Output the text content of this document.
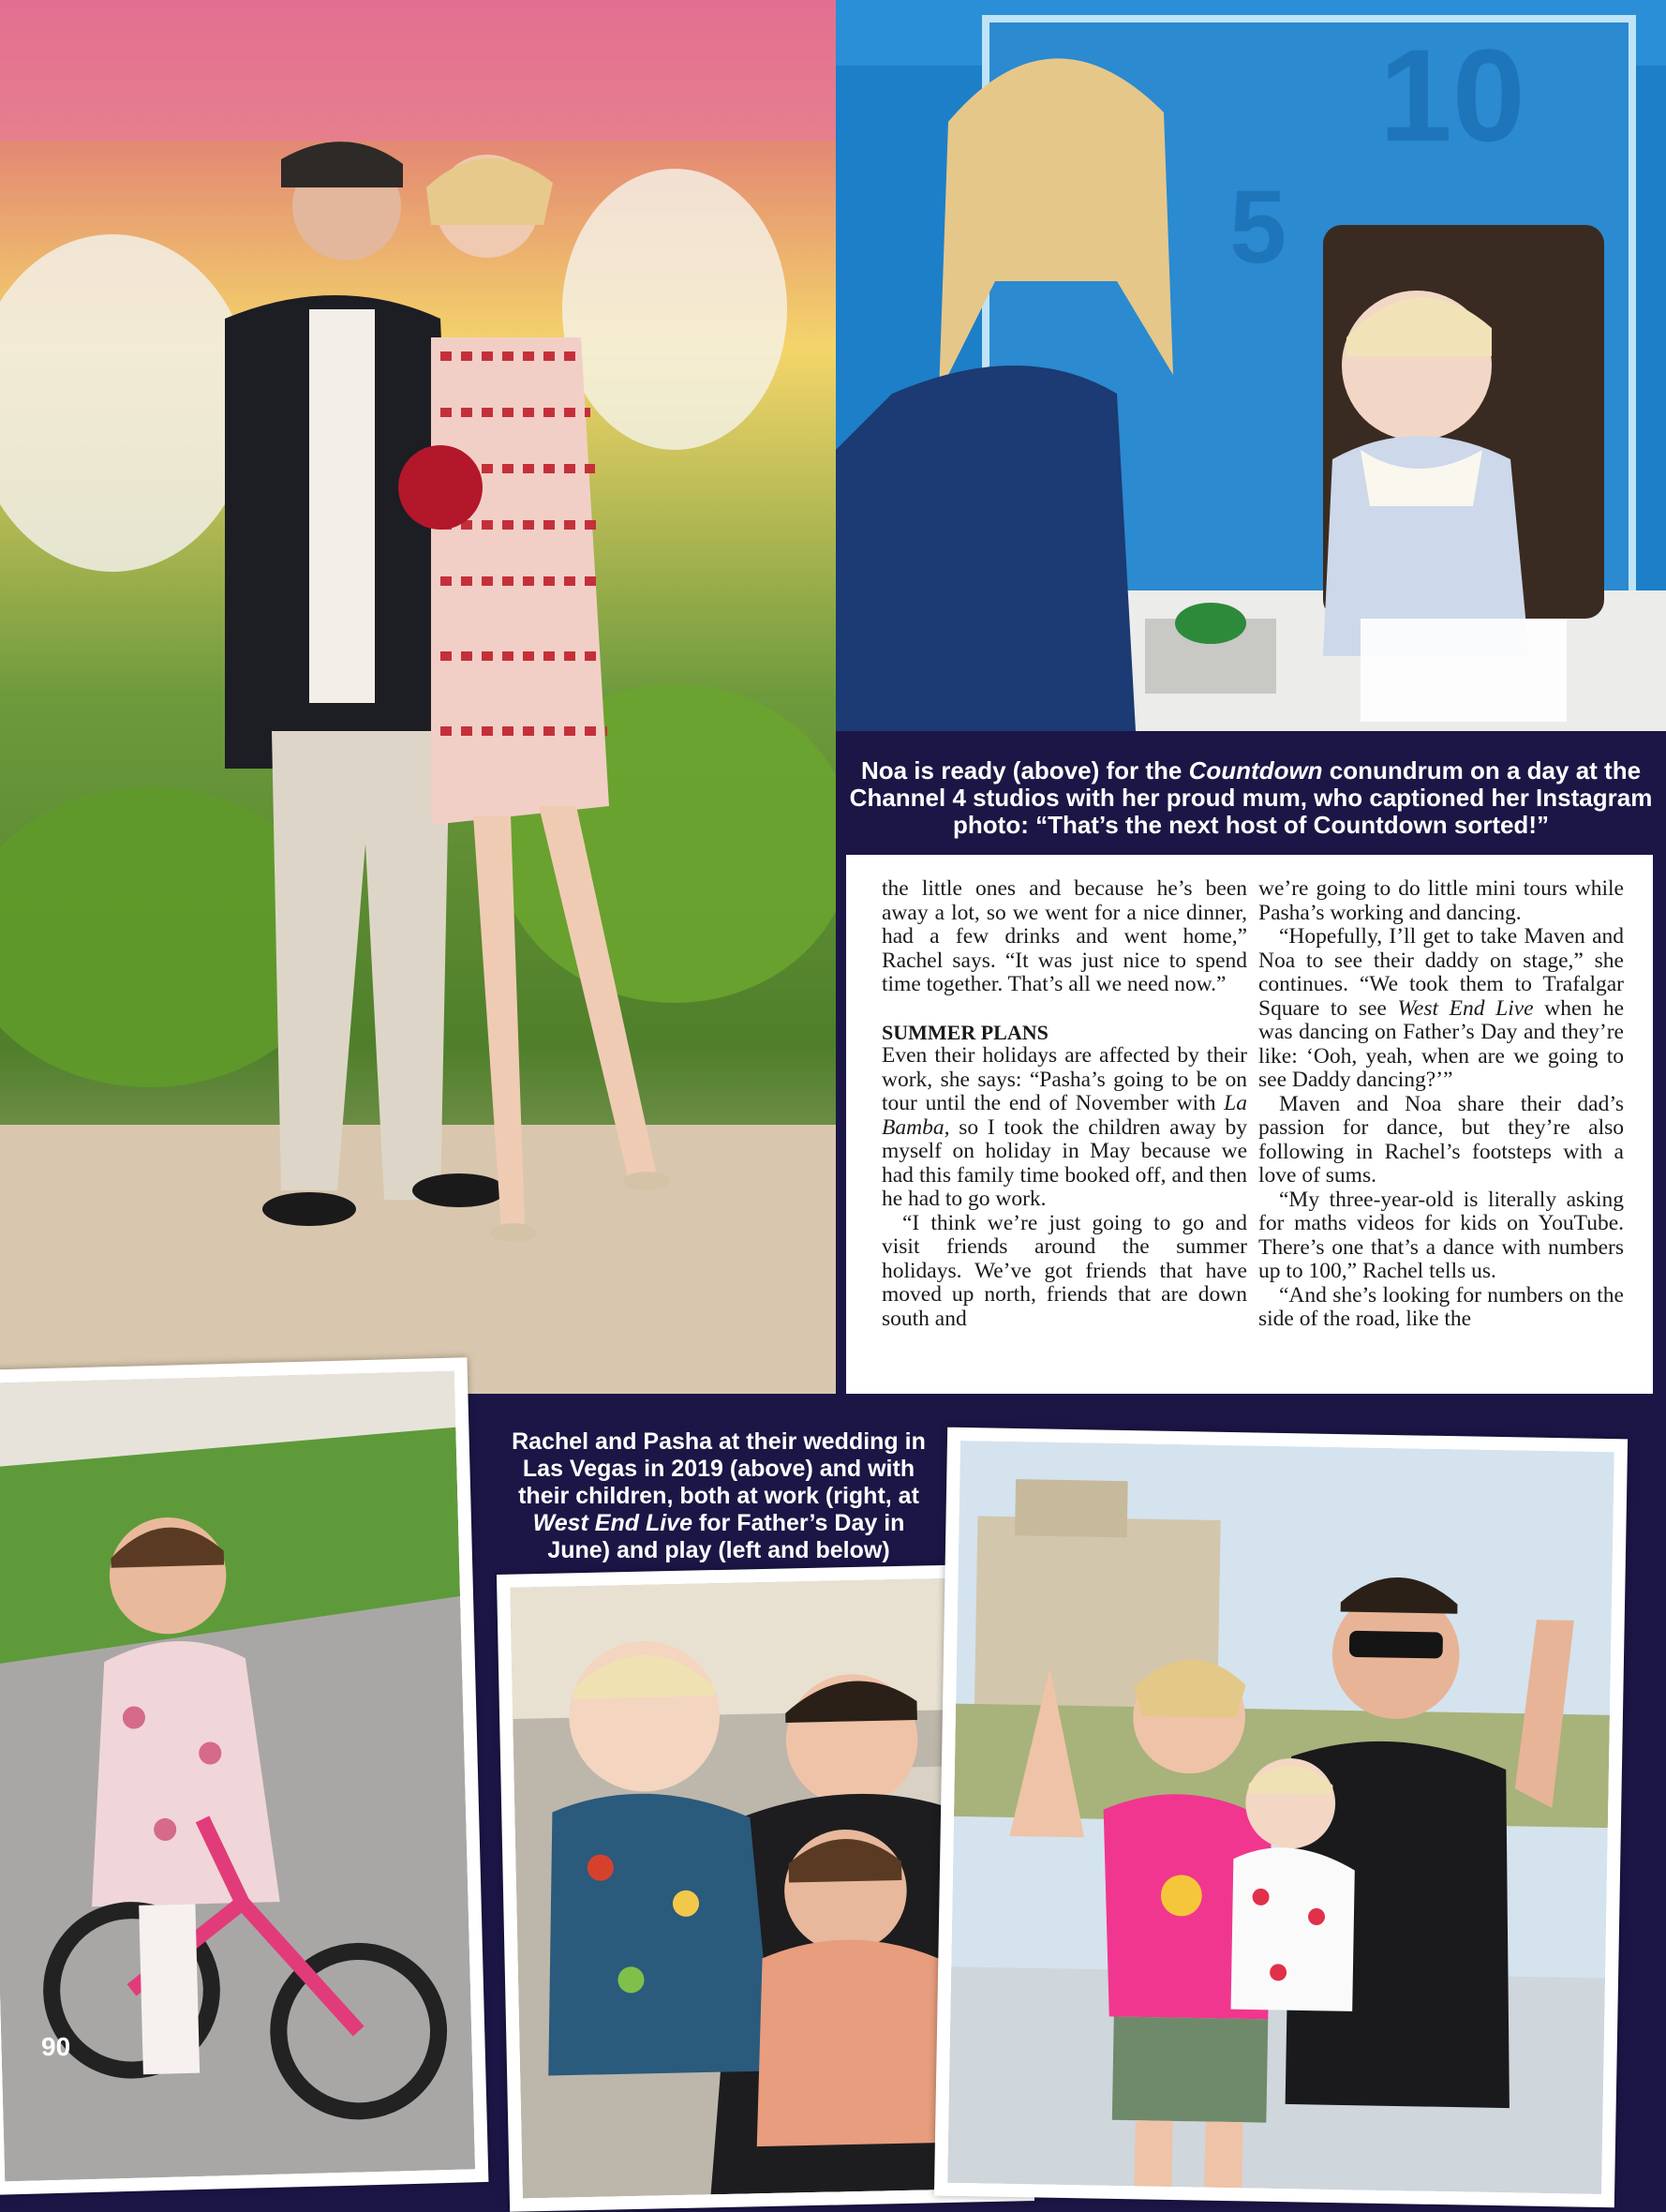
10
5

Noa is ready (above) for the Countdown conundrum on a day at the Channel 4 studios with her proud mum, who captioned her Instagram photo: “That’s the next host of Countdown sorted!”

the little ones and because he’s been away a lot, so we went for a nice dinner, had a few drinks and went home,” Rachel says. “It was just nice to spend time together. That’s all we need now.”

SUMMER PLANS

Even their holidays are affected by their work, she says: “Pasha’s going to be on tour until the end of November with La Bamba, so I took the children away by myself on holiday in May because we had this family time booked off, and then he had to go work.

“I think we’re just going to go and visit friends around the summer holidays. We’ve got friends that have moved up north, friends that are down south and

we’re going to do little mini tours while Pasha’s working and dancing.

“Hopefully, I’ll get to take Maven and Noa to see their daddy on stage,” she continues. “We took them to Trafalgar Square to see West End Live when he was dancing on Father’s Day and they’re like: ‘Ooh, yeah, when are we going to see Daddy dancing?’”

Maven and Noa share their dad’s passion for dance, but they’re also following in Rachel’s footsteps with a love of sums.

“My three-year-old is literally asking for maths videos for kids on YouTube. There’s one that’s a dance with numbers up to 100,” Rachel tells us.

“And she’s looking for numbers on the side of the road, like the

Rachel and Pasha at their wedding in Las Vegas in 2019 (above) and with their children, both at work (right, at West End Live for Father’s Day in June) and play (left and below)

90
